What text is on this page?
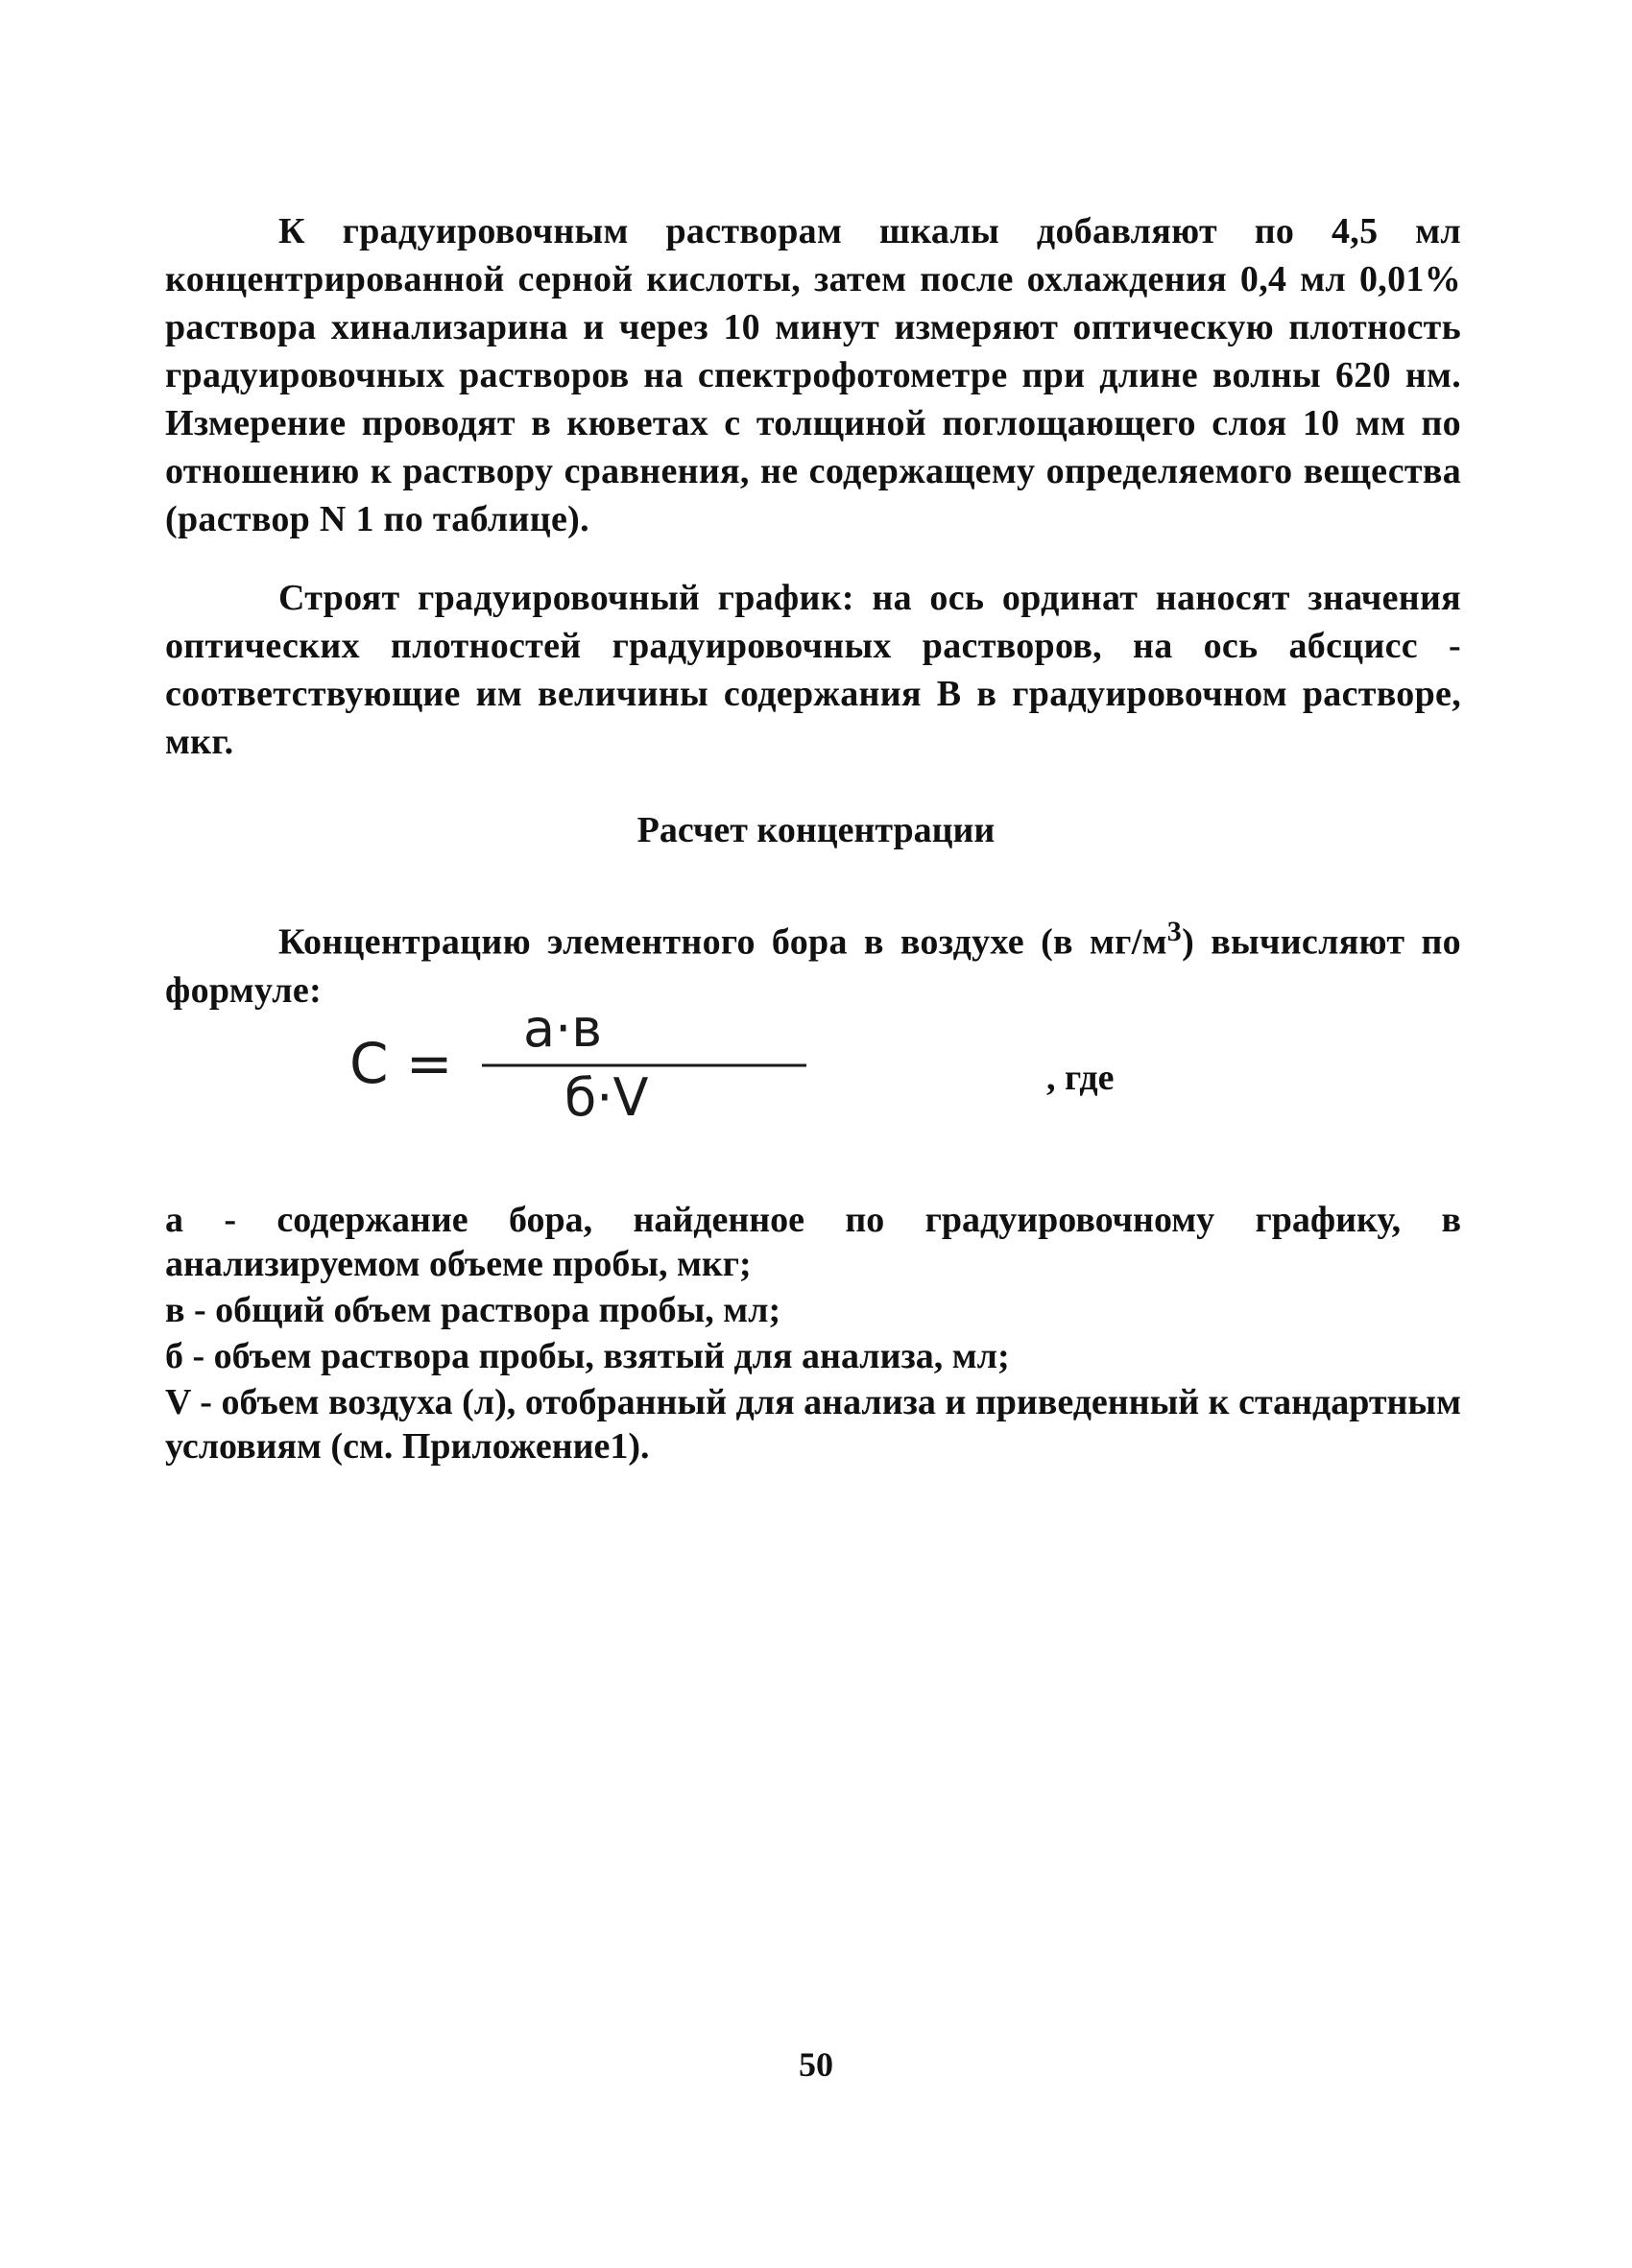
К градуировочным растворам шкалы добавляют по 4,5 мл концентрированной серной кислоты, затем после охлаждения 0,4 мл 0,01% раствора хинализарина и через 10 минут измеряют оптическую плотность градуировочных растворов на спектрофотометре при длине волны 620 нм. Измерение проводят в кюветах с толщиной поглощающего слоя 10 мм по отношению к раствору сравнения, не содержащему определяемого вещества (раствор N 1 по таблице).

Строят градуировочный график: на ось ординат наносят значения оптических плотностей градуировочных растворов, на ось абсцисс - соответствующие им величины содержания В в градуировочном растворе, мкг.

Расчет концентрации

Концентрацию элементного бора в воздухе (в $мг/м^3$) вычисляют по формуле:

C =
а·в
б·V	, где

а - содержание бора, найденное по градуировочному графику, в анализируемом объеме пробы, мкг;

в - общий объем раствора пробы, мл;

б - объем раствора пробы, взятый для анализа, мл;

V - объем воздуха (л), отобранный для анализа и приведенный к стандартным условиям (см. Приложение1).

50
